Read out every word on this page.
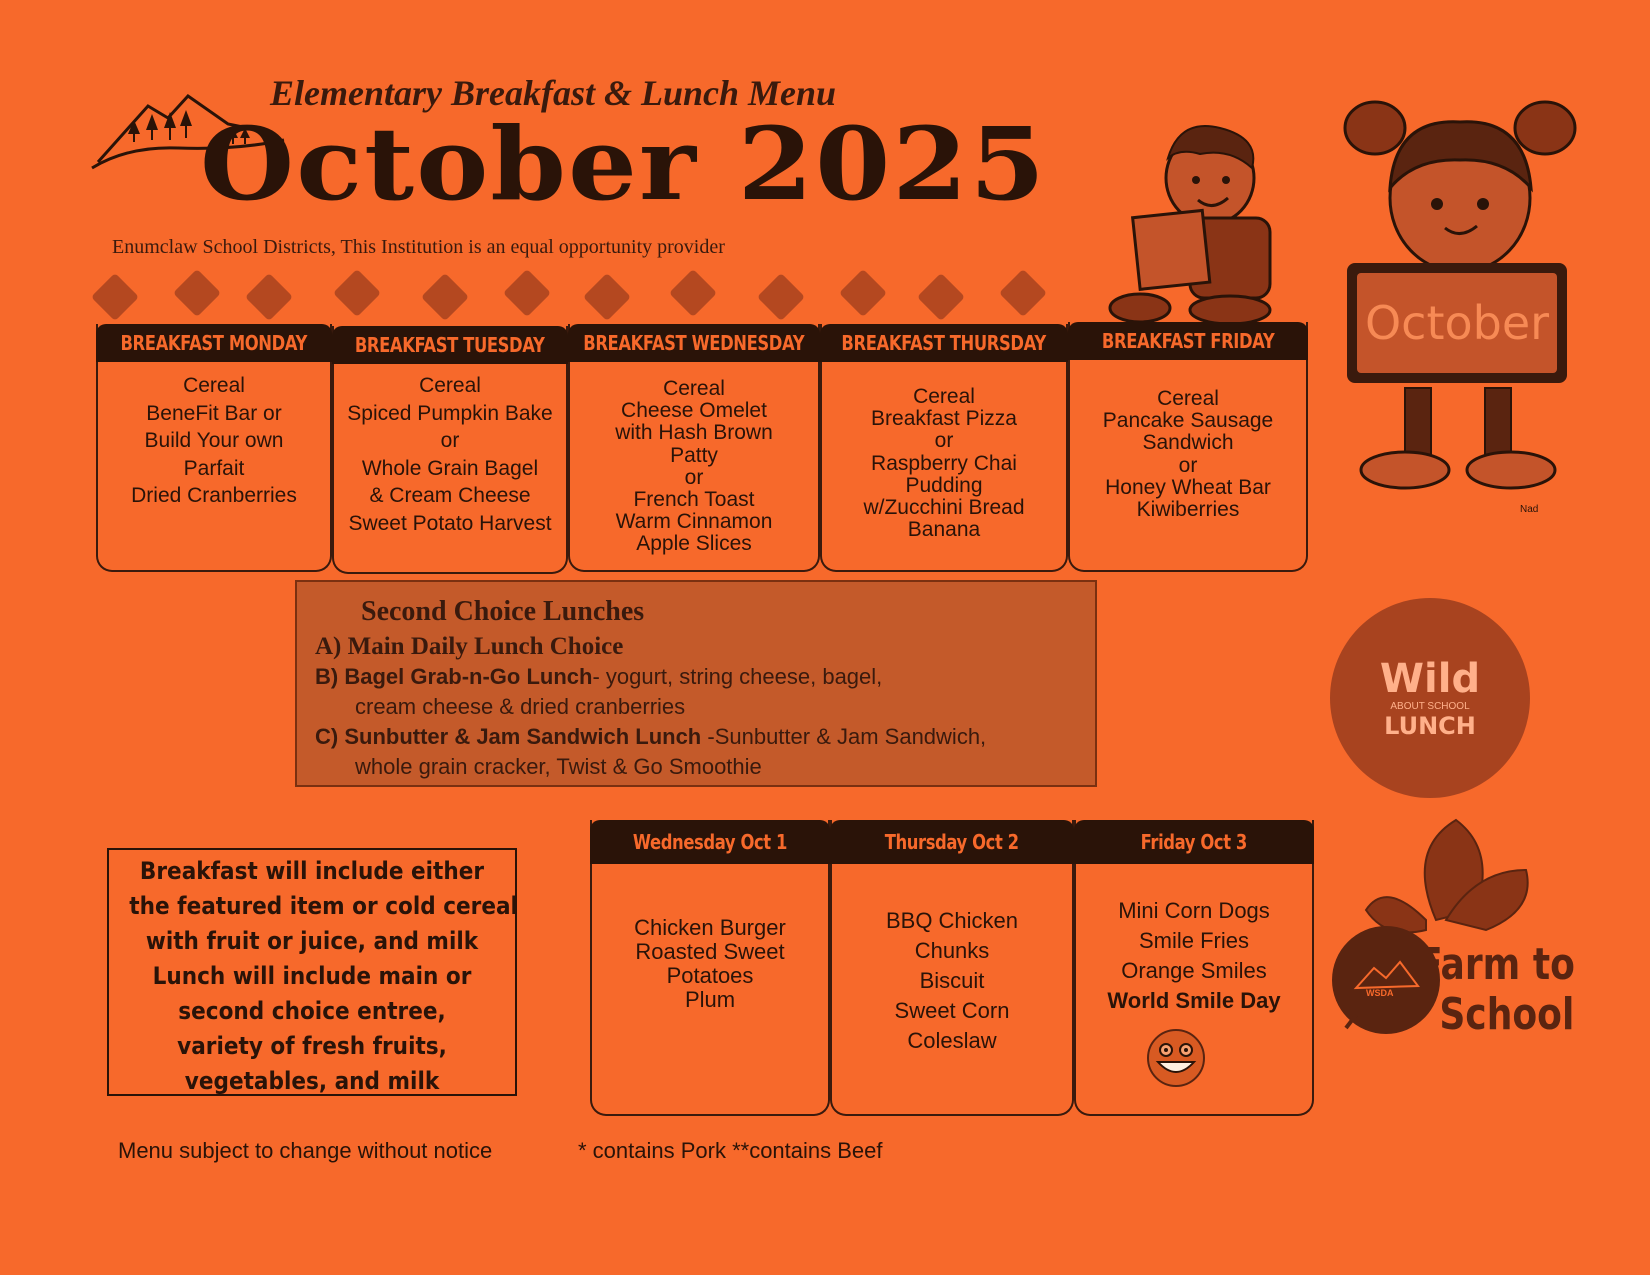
Elementary Breakfast & Lunch Menu
October 2025
Enumclaw School Districts, This Institution is an equal opportunity provider
BREAKFAST MONDAY
Cereal
BeneFit Bar or
Build Your own
Parfait
Dried Cranberries
BREAKFAST TUESDAY
Cereal
Spiced Pumpkin Bake
or
Whole Grain Bagel
& Cream Cheese
Sweet Potato Harvest
BREAKFAST WEDNESDAY
Cereal
Cheese Omelet
with Hash Brown
Patty
or
French Toast
Warm Cinnamon
Apple Slices
BREAKFAST THURSDAY
Cereal
Breakfast Pizza
or
Raspberry Chai
Pudding
w/Zucchini Bread
Banana
BREAKFAST FRIDAY
Cereal
Pancake Sausage
Sandwich
or
Honey Wheat Bar
Kiwiberries
October
Nad
Second Choice Lunches
A) Main Daily Lunch Choice
B) Bagel Grab-n-Go Lunch- yogurt, string cheese, bagel,
cream cheese & dried cranberries
C) Sunbutter & Jam Sandwich Lunch -Sunbutter & Jam Sandwich,
whole grain cracker, Twist & Go Smoothie
Wild
ABOUT SCHOOL
LUNCH
Breakfast will include either
the featured item or cold cereal
with fruit or juice, and milk
Lunch will include main or
second choice entree,
variety of fresh fruits,
vegetables, and milk
Wednesday Oct 1
Chicken Burger
Roasted Sweet
Potatoes
Plum
Thursday Oct 2
BBQ Chicken
Chunks
Biscuit
Sweet Corn
Coleslaw
Friday Oct 3
Mini Corn Dogs
Smile Fries
Orange Smiles
World Smile Day	WSDA
Farm to
School
Menu subject to change without notice	* contains Pork **contains Beef
